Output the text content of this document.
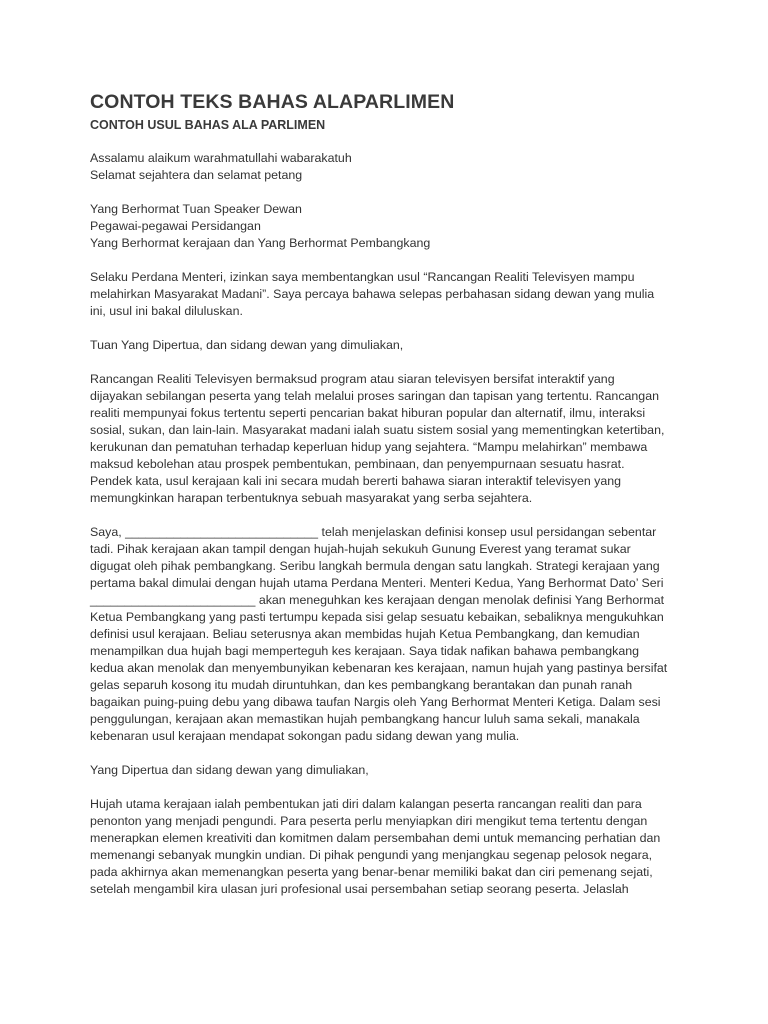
CONTOH TEKS BAHAS ALAPARLIMEN
CONTOH USUL BAHAS ALA PARLIMEN
Assalamu alaikum warahmatullahi wabarakatuh
Selamat sejahtera dan selamat petang
Yang Berhormat Tuan Speaker Dewan
Pegawai-pegawai Persidangan
Yang Berhormat kerajaan dan Yang Berhormat Pembangkang
Selaku Perdana Menteri, izinkan saya membentangkan usul “Rancangan Realiti Televisyen mampu
melahirkan Masyarakat Madani”. Saya percaya bahawa selepas perbahasan sidang dewan yang mulia
ini, usul ini bakal diluluskan.
Tuan Yang Dipertua, dan sidang dewan yang dimuliakan,
Rancangan Realiti Televisyen bermaksud program atau siaran televisyen bersifat interaktif yang
dijayakan sebilangan peserta yang telah melalui proses saringan dan tapisan yang tertentu. Rancangan
realiti mempunyai fokus tertentu seperti pencarian bakat hiburan popular dan alternatif, ilmu, interaksi
sosial, sukan, dan lain-lain. Masyarakat madani ialah suatu sistem sosial yang mementingkan ketertiban,
kerukunan dan pematuhan terhadap keperluan hidup yang sejahtera. “Mampu melahirkan” membawa
maksud kebolehan atau prospek pembentukan, pembinaan, dan penyempurnaan sesuatu hasrat.
Pendek kata, usul kerajaan kali ini secara mudah bererti bahawa siaran interaktif televisyen yang
memungkinkan harapan terbentuknya sebuah masyarakat yang serba sejahtera.
Saya, ____________________________ telah menjelaskan definisi konsep usul persidangan sebentar
tadi. Pihak kerajaan akan tampil dengan hujah-hujah sekukuh Gunung Everest yang teramat sukar
digugat oleh pihak pembangkang. Seribu langkah bermula dengan satu langkah. Strategi kerajaan yang
pertama bakal dimulai dengan hujah utama Perdana Menteri. Menteri Kedua, Yang Berhormat Dato’ Seri
________________________ akan meneguhkan kes kerajaan dengan menolak definisi Yang Berhormat
Ketua Pembangkang yang pasti tertumpu kepada sisi gelap sesuatu kebaikan, sebaliknya mengukuhkan
definisi usul kerajaan. Beliau seterusnya akan membidas hujah Ketua Pembangkang, dan kemudian
menampilkan dua hujah bagi memperteguh kes kerajaan. Saya tidak nafikan bahawa pembangkang
kedua akan menolak dan menyembunyikan kebenaran kes kerajaan, namun hujah yang pastinya bersifat
gelas separuh kosong itu mudah diruntuhkan, dan kes pembangkang berantakan dan punah ranah
bagaikan puing-puing debu yang dibawa taufan Nargis oleh Yang Berhormat Menteri Ketiga. Dalam sesi
penggulungan, kerajaan akan memastikan hujah pembangkang hancur luluh sama sekali, manakala
kebenaran usul kerajaan mendapat sokongan padu sidang dewan yang mulia.
Yang Dipertua dan sidang dewan yang dimuliakan,
Hujah utama kerajaan ialah pembentukan jati diri dalam kalangan peserta rancangan realiti dan para
penonton yang menjadi pengundi. Para peserta perlu menyiapkan diri mengikut tema tertentu dengan
menerapkan elemen kreativiti dan komitmen dalam persembahan demi untuk memancing perhatian dan
memenangi sebanyak mungkin undian. Di pihak pengundi yang menjangkau segenap pelosok negara,
pada akhirnya akan memenangkan peserta yang benar-benar memiliki bakat dan ciri pemenang sejati,
setelah mengambil kira ulasan juri profesional usai persembahan setiap seorang peserta. Jelaslah
